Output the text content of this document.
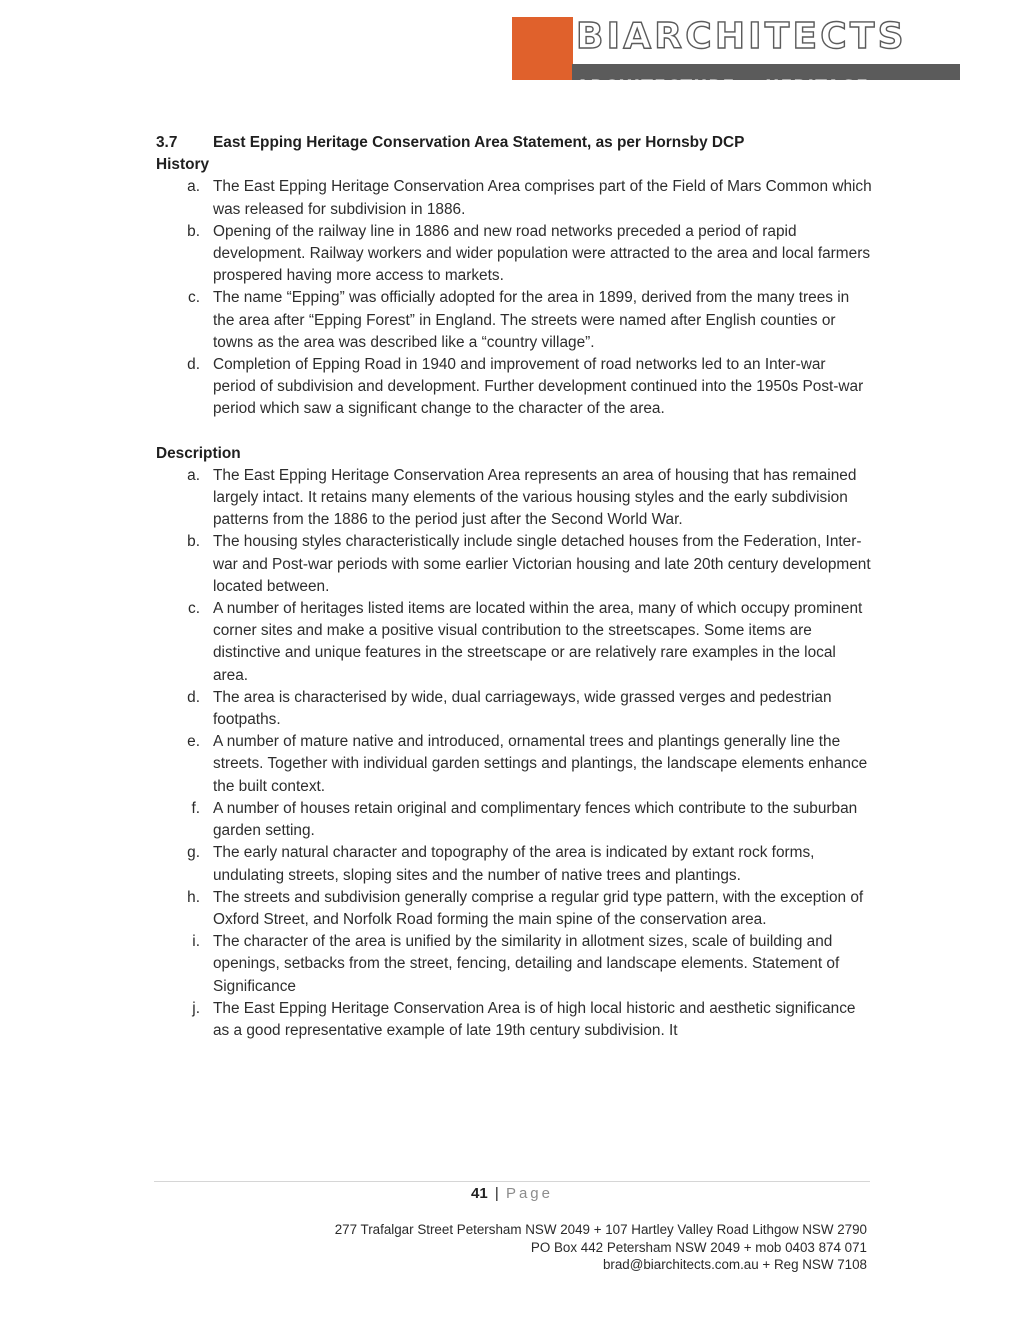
BIARCHITECTS
ARCHITECTURE + HERITAGE
3.7	East Epping Heritage Conservation Area Statement, as per Hornsby DCP
History
a. The East Epping Heritage Conservation Area comprises part of the Field of Mars Common which was released for subdivision in 1886.
b. Opening of the railway line in 1886 and new road networks preceded a period of rapid development. Railway workers and wider population were attracted to the area and local farmers prospered having more access to markets.
c. The name “Epping” was officially adopted for the area in 1899, derived from the many trees in the area after “Epping Forest” in England. The streets were named after English counties or towns as the area was described like a “country village”.
d. Completion of Epping Road in 1940 and improvement of road networks led to an Inter-war period of subdivision and development. Further development continued into the 1950s Post-war period which saw a significant change to the character of the area.
Description
a. The East Epping Heritage Conservation Area represents an area of housing that has remained largely intact. It retains many elements of the various housing styles and the early subdivision patterns from the 1886 to the period just after the Second World War.
b. The housing styles characteristically include single detached houses from the Federation, Inter-war and Post-war periods with some earlier Victorian housing and late 20th century development located between.
c. A number of heritages listed items are located within the area, many of which occupy prominent corner sites and make a positive visual contribution to the streetscapes. Some items are distinctive and unique features in the streetscape or are relatively rare examples in the local area.
d. The area is characterised by wide, dual carriageways, wide grassed verges and pedestrian footpaths.
e. A number of mature native and introduced, ornamental trees and plantings generally line the streets. Together with individual garden settings and plantings, the landscape elements enhance the built context.
f. A number of houses retain original and complimentary fences which contribute to the suburban garden setting.
g. The early natural character and topography of the area is indicated by extant rock forms, undulating streets, sloping sites and the number of native trees and plantings.
h. The streets and subdivision generally comprise a regular grid type pattern, with the exception of Oxford Street, and Norfolk Road forming the main spine of the conservation area.
i. The character of the area is unified by the similarity in allotment sizes, scale of building and openings, setbacks from the street, fencing, detailing and landscape elements. Statement of Significance
j. The East Epping Heritage Conservation Area is of high local historic and aesthetic significance as a good representative example of late 19th century subdivision. It
41 | Page
277 Trafalgar Street Petersham NSW 2049 + 107 Hartley Valley Road Lithgow NSW 2790
PO Box 442 Petersham NSW 2049 + mob 0403 874 071
brad@biarchitects.com.au + Reg NSW 7108
